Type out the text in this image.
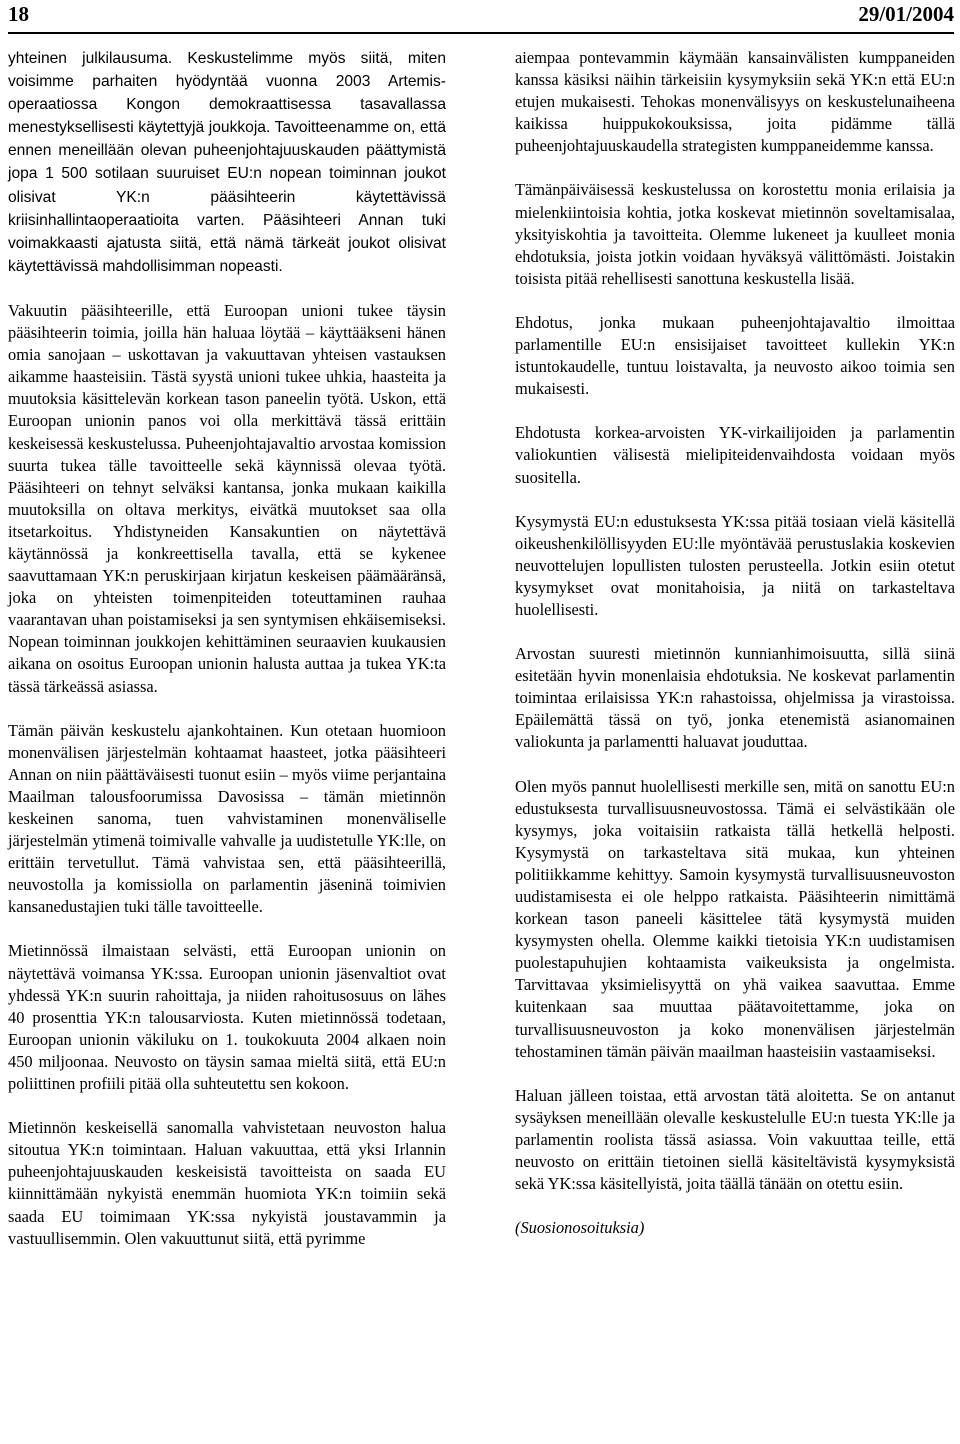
18	29/01/2004

yhteinen julkilausuma. Keskustelimme myös siitä, miten voisimme parhaiten hyödyntää vuonna 2003 Artemis-operaatiossa Kongon demokraattisessa tasavallassa menestyksellisesti käytettyjä joukkoja. Tavoitteenamme on, että ennen meneillään olevan puheenjohtajuuskauden päättymistä jopa 1 500 sotilaan suuruiset EU:n nopean toiminnan joukot olisivat YK:n pääsihteerin käytettävissä kriisinhallintaoperaatioita varten. Pääsihteeri Annan tuki voimakkaasti ajatusta siitä, että nämä tärkeät joukot olisivat käytettävissä mahdollisimman nopeasti.

Vakuutin pääsihteerille, että Euroopan unioni tukee täysin pääsihteerin toimia, joilla hän haluaa löytää – käyttääkseni hänen omia sanojaan – uskottavan ja vakuuttavan yhteisen vastauksen aikamme haasteisiin. Tästä syystä unioni tukee uhkia, haasteita ja muutoksia käsittelevän korkean tason paneelin työtä. Uskon, että Euroopan unionin panos voi olla merkittävä tässä erittäin keskeisessä keskustelussa. Puheenjohtajavaltio arvostaa komission suurta tukea tälle tavoitteelle sekä käynnissä olevaa työtä. Pääsihteeri on tehnyt selväksi kantansa, jonka mukaan kaikilla muutoksilla on oltava merkitys, eivätkä muutokset saa olla itsetarkoitus. Yhdistyneiden Kansakuntien on näytettävä käytännössä ja konkreettisella tavalla, että se kykenee saavuttamaan YK:n peruskirjaan kirjatun keskeisen päämääränsä, joka on yhteisten toimenpiteiden toteuttaminen rauhaa vaarantavan uhan poistamiseksi ja sen syntymisen ehkäisemiseksi. Nopean toiminnan joukkojen kehittäminen seuraavien kuukausien aikana on osoitus Euroopan unionin halusta auttaa ja tukea YK:ta tässä tärkeässä asiassa.

Tämän päivän keskustelu ajankohtainen. Kun otetaan huomioon monenvälisen järjestelmän kohtaamat haasteet, jotka pääsihteeri Annan on niin päättäväisesti tuonut esiin – myös viime perjantaina Maailman talousfoorumissa Davosissa – tämän mietinnön keskeinen sanoma, tuen vahvistaminen monenväliselle järjestelmän ytimenä toimivalle vahvalle ja uudistetulle YK:lle, on erittäin tervetullut. Tämä vahvistaa sen, että pääsihteerillä, neuvostolla ja komissiolla on parlamentin jäseninä toimivien kansanedustajien tuki tälle tavoitteelle.

Mietinnössä ilmaistaan selvästi, että Euroopan unionin on näytettävä voimansa YK:ssa. Euroopan unionin jäsenvaltiot ovat yhdessä YK:n suurin rahoittaja, ja niiden rahoitusosuus on lähes 40 prosenttia YK:n talousarviosta. Kuten mietinnössä todetaan, Euroopan unionin väkiluku on 1. toukokuuta 2004 alkaen noin 450 miljoonaa. Neuvosto on täysin samaa mieltä siitä, että EU:n poliittinen profiili pitää olla suhteutettu sen kokoon.

Mietinnön keskeisellä sanomalla vahvistetaan neuvoston halua sitoutua YK:n toimintaan. Haluan vakuuttaa, että yksi Irlannin puheenjohtajuuskauden keskeisistä tavoitteista on saada EU kiinnittämään nykyistä enemmän huomiota YK:n toimiin sekä saada EU toimimaan YK:ssa nykyistä joustavammin ja vastuullisemmin. Olen vakuuttunut siitä, että pyrimme

aiempaa pontevammin käymään kansainvälisten kumppaneiden kanssa käsiksi näihin tärkeisiin kysymyksiin sekä YK:n että EU:n etujen mukaisesti. Tehokas monenvälisyys on keskustelunaiheena kaikissa huippukokouksissa, joita pidämme tällä puheenjohtajuuskaudella strategisten kumppaneidemme kanssa.

Tämänpäiväisessä keskustelussa on korostettu monia erilaisia ja mielenkiintoisia kohtia, jotka koskevat mietinnön soveltamisalaa, yksityiskohtia ja tavoitteita. Olemme lukeneet ja kuulleet monia ehdotuksia, joista jotkin voidaan hyväksyä välittömästi. Joistakin toisista pitää rehellisesti sanottuna keskustella lisää.

Ehdotus, jonka mukaan puheenjohtajavaltio ilmoittaa parlamentille EU:n ensisijaiset tavoitteet kullekin YK:n istuntokaudelle, tuntuu loistavalta, ja neuvosto aikoo toimia sen mukaisesti.

Ehdotusta korkea-arvoisten YK-virkailijoiden ja parlamentin valiokuntien välisestä mielipiteidenvaihdosta voidaan myös suositella.

Kysymystä EU:n edustuksesta YK:ssa pitää tosiaan vielä käsitellä oikeushenkilöllisyyden EU:lle myöntävää perustuslakia koskevien neuvottelujen lopullisten tulosten perusteella. Jotkin esiin otetut kysymykset ovat monitahoisia, ja niitä on tarkasteltava huolellisesti.

Arvostan suuresti mietinnön kunnianhimoisuutta, sillä siinä esitetään hyvin monenlaisia ehdotuksia. Ne koskevat parlamentin toimintaa erilaisissa YK:n rahastoissa, ohjelmissa ja virastoissa. Epäilemättä tässä on työ, jonka etenemistä asianomainen valiokunta ja parlamentti haluavat jouduttaa.

Olen myös pannut huolellisesti merkille sen, mitä on sanottu EU:n edustuksesta turvallisuusneuvostossa. Tämä ei selvästikään ole kysymys, joka voitaisiin ratkaista tällä hetkellä helposti. Kysymystä on tarkasteltava sitä mukaa, kun yhteinen politiikkamme kehittyy. Samoin kysymystä turvallisuusneuvoston uudistamisesta ei ole helppo ratkaista. Pääsihteerin nimittämä korkean tason paneeli käsittelee tätä kysymystä muiden kysymysten ohella. Olemme kaikki tietoisia YK:n uudistamisen puolestapuhujien kohtaamista vaikeuksista ja ongelmista. Tarvittavaa yksimielisyyttä on yhä vaikea saavuttaa. Emme kuitenkaan saa muuttaa päätavoitettamme, joka on turvallisuusneuvoston ja koko monenvälisen järjestelmän tehostaminen tämän päivän maailman haasteisiin vastaamiseksi.

Haluan jälleen toistaa, että arvostan tätä aloitetta. Se on antanut sysäyksen meneillään olevalle keskustelulle EU:n tuesta YK:lle ja parlamentin roolista tässä asiassa. Voin vakuuttaa teille, että neuvosto on erittäin tietoinen siellä käsiteltävistä kysymyksistä sekä YK:ssa käsitellyistä, joita täällä tänään on otettu esiin.

(Suosionosoituksia)
